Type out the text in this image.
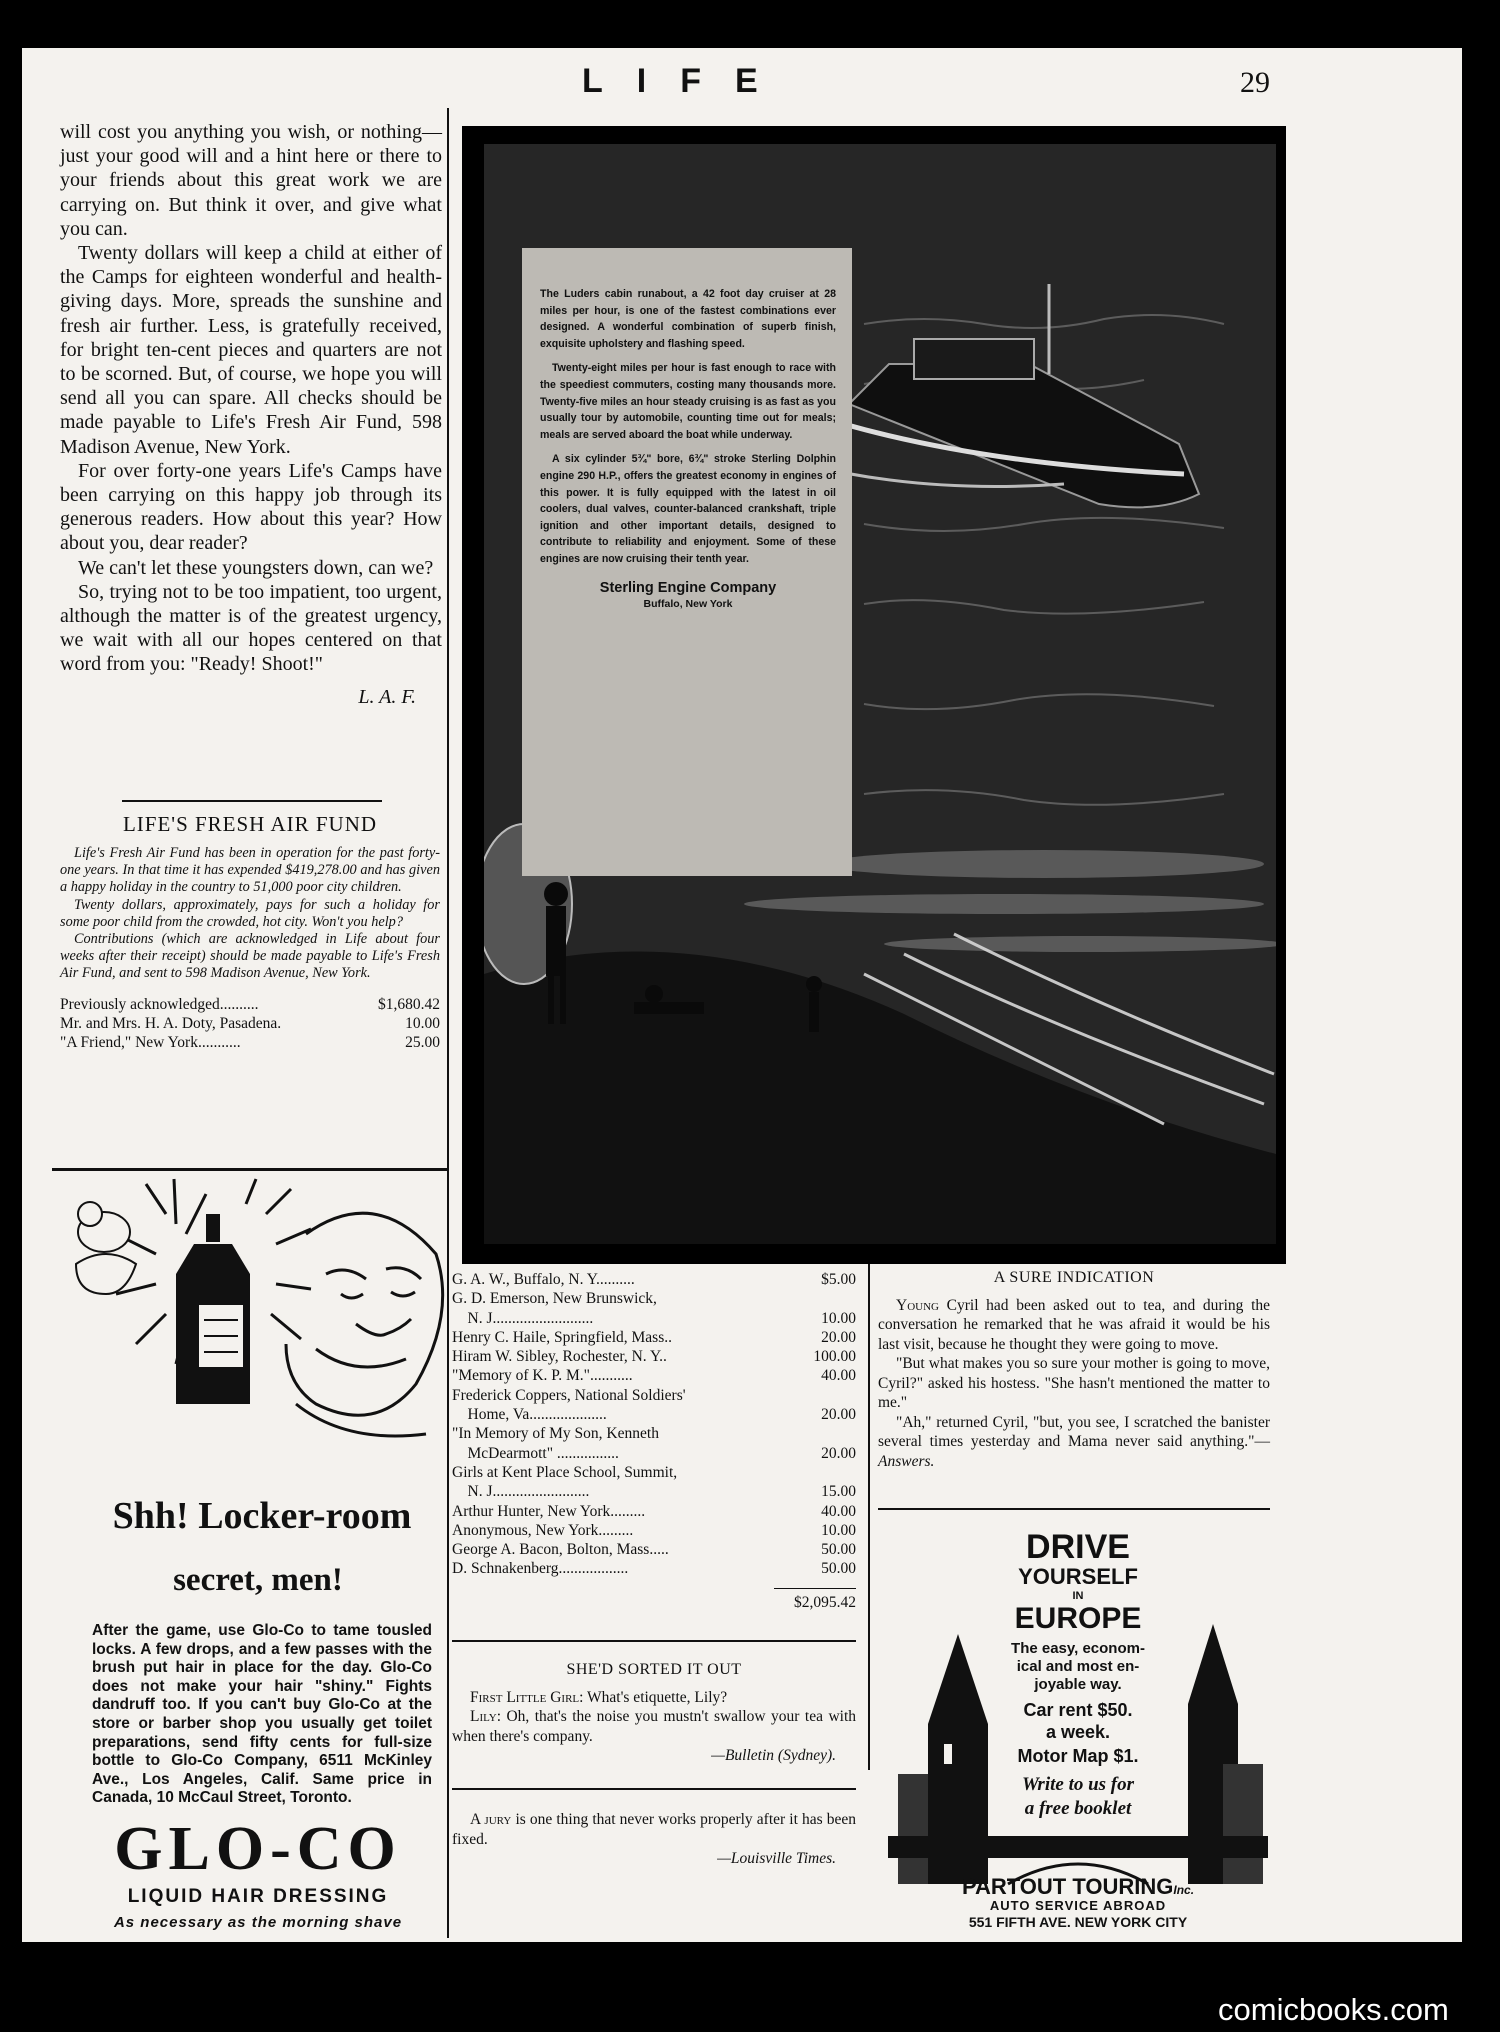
LIFE	29

will cost you anything you wish, or nothing—just your good will and a hint here or there to your friends about this great work we are carrying on. But think it over, and give what you can.

Twenty dollars will keep a child at either of the Camps for eighteen wonderful and health-giving days. More, spreads the sunshine and fresh air further. Less, is gratefully received, for bright ten-cent pieces and quarters are not to be scorned. But, of course, we hope you will send all you can spare. All checks should be made payable to Life's Fresh Air Fund, 598 Madison Avenue, New York.

For over forty-one years Life's Camps have been carrying on this happy job through its generous readers. How about this year? How about you, dear reader?

We can't let these youngsters down, can we?

So, trying not to be too impatient, too urgent, although the matter is of the greatest urgency, we wait with all our hopes centered on that word from you: "Ready! Shoot!"

L. A. F.
LIFE'S FRESH AIR FUND

Life's Fresh Air Fund has been in operation for the past forty-one years. In that time it has expended $419,278.00 and has given a happy holiday in the country to 51,000 poor city children.

Twenty dollars, approximately, pays for such a holiday for some poor child from the crowded, hot city. Won't you help?

Contributions (which are acknowledged in Life about four weeks after their receipt) should be made payable to Life's Fresh Air Fund, and sent to 598 Madison Avenue, New York.

Previously acknowledged..........	$1,680.42
Mr. and Mrs. H. A. Doty, Pasadena.	10.00
"A Friend," New York...........	25.00
Shh! Locker-room
secret, men!
After the game, use Glo-Co to tame tousled locks. A few drops, and a few passes with the brush put hair in place for the day. Glo-Co does not make your hair "shiny." Fights dandruff too. If you can't buy Glo-Co at the store or barber shop you usually get toilet preparations, send fifty cents for full-size bottle to Glo-Co Company, 6511 McKinley Ave., Los Angeles, Calif. Same price in Canada, 10 McCaul Street, Toronto.
GLO-CO
LIQUID HAIR DRESSING
As necessary as the morning shave

The Luders cabin runabout, a 42 foot day cruiser at 28 miles per hour, is one of the fastest combinations ever designed. A wonderful combination of superb finish, exquisite upholstery and flashing speed.

Twenty-eight miles per hour is fast enough to race with the speediest commuters, costing many thousands more. Twenty-five miles an hour steady cruising is as fast as you usually tour by automobile, counting time out for meals; meals are served aboard the boat while underway.

A six cylinder 5¾" bore, 6¾" stroke Sterling Dolphin engine 290 H.P., offers the greatest economy in engines of this power. It is fully equipped with the latest in oil coolers, dual valves, counter-balanced crankshaft, triple ignition and other important details, designed to contribute to reliability and enjoyment. Some of these engines are now cruising their tenth year.

Sterling Engine Company
Buffalo, New York
G. A. W., Buffalo, N. Y..........	$5.00
G. D. Emerson, New Brunswick,
N. J..........................	10.00
Henry C. Haile, Springfield, Mass..	20.00
Hiram W. Sibley, Rochester, N. Y..	100.00
"Memory of K. P. M."...........	40.00
Frederick Coppers, National Soldiers'
Home, Va....................	20.00
"In Memory of My Son, Kenneth
McDearmott" ................	20.00
Girls at Kent Place School, Summit,
N. J.........................	15.00
Arthur Hunter, New York.........	40.00
Anonymous, New York.........	10.00
George A. Bacon, Bolton, Mass.....	50.00
D. Schnakenberg..................	50.00
$2,095.42
SHE'D SORTED IT OUT

First Little Girl: What's etiquette, Lily?

Lily: Oh, that's the noise you mustn't swallow your tea with when there's company.

—Bulletin (Sydney).

A jury is one thing that never works properly after it has been fixed.

—Louisville Times.
A SURE INDICATION

Young Cyril had been asked out to tea, and during the conversation he remarked that he was afraid it would be his last visit, because he thought they were going to move.

"But what makes you so sure your mother is going to move, Cyril?" asked his hostess. "She hasn't mentioned the matter to me."

"Ah," returned Cyril, "but, you see, I scratched the banister several times yesterday and Mama never said anything."—Answers.

DRIVE
YOURSELF
IN
EUROPE
The easy, econom-
ical and most en-
joyable way.
Car rent $50.
a week.
Motor Map $1.
Write to us for
a free booklet
PARTOUT TOURINGInc.
AUTO SERVICE ABROAD
551 FIFTH AVE. NEW YORK CITY
comicbooks.com
